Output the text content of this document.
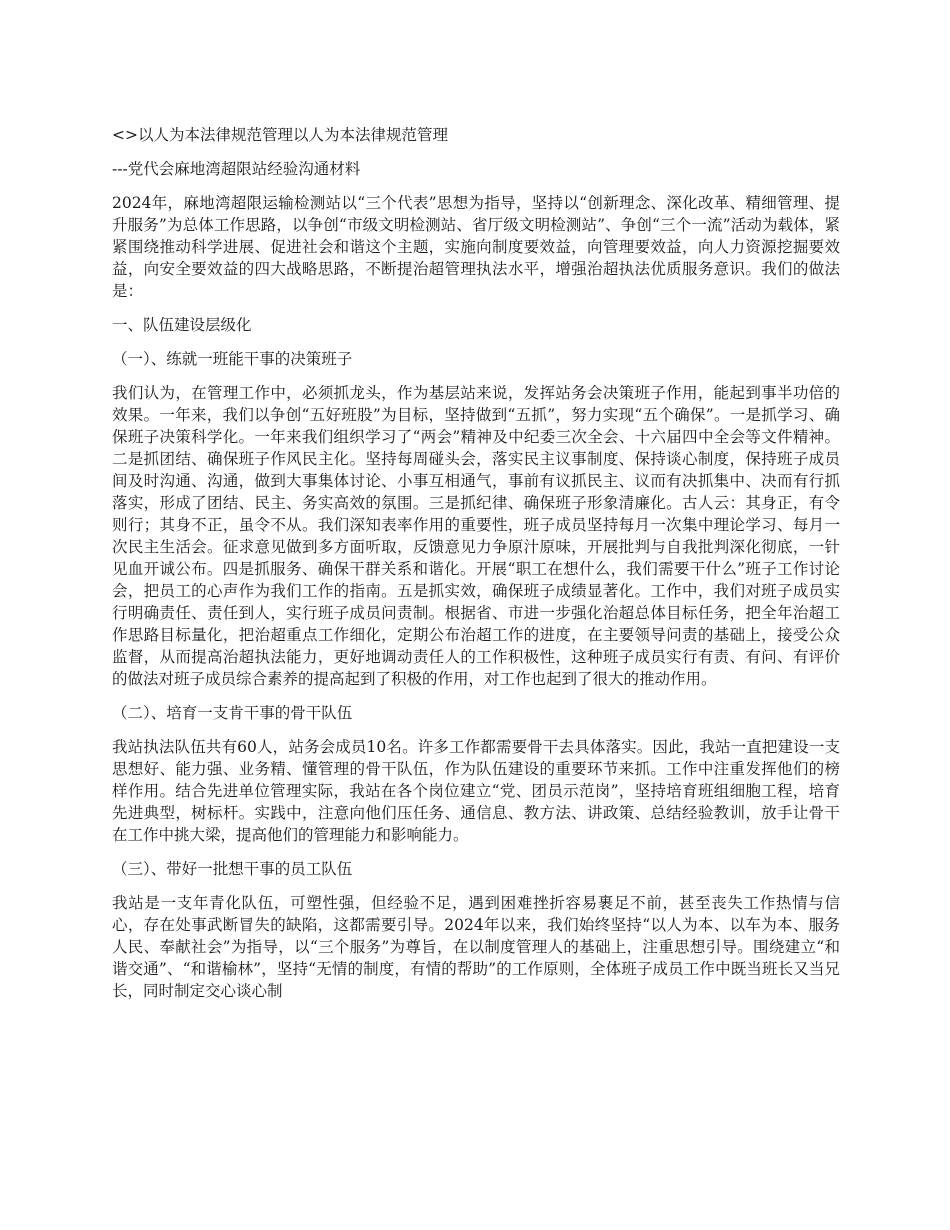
<>以人为本法律规范管理以人为本法律规范管理

---党代会麻地湾超限站经验沟通材料

2024年，麻地湾超限运输检测站以“三个代表”思想为指导，坚持以“创新理念、深化改革、精细管理、提升服务”为总体工作思路，以争创“市级文明检测站、省厅级文明检测站”、争创“三个一流”活动为载体，紧紧围绕推动科学进展、促进社会和谐这个主题，实施向制度要效益，向管理要效益，向人力资源挖掘要效益，向安全要效益的四大战略思路，不断提治超管理执法水平，增强治超执法优质服务意识。我们的做法是：

一、队伍建设层级化

（一）、练就一班能干事的决策班子

我们认为，在管理工作中，必须抓龙头，作为基层站来说，发挥站务会决策班子作用，能起到事半功倍的效果。一年来，我们以争创“五好班股”为目标，坚持做到“五抓”，努力实现“五个确保”。一是抓学习、确保班子决策科学化。一年来我们组织学习了“两会”精神及中纪委三次全会、十六届四中全会等文件精神。二是抓团结、确保班子作风民主化。坚持每周碰头会，落实民主议事制度、保持谈心制度，保持班子成员间及时沟通、沟通，做到大事集体讨论、小事互相通气，事前有议抓民主、议而有决抓集中、决而有行抓落实，形成了团结、民主、务实高效的氛围。三是抓纪律、确保班子形象清廉化。古人云：其身正，有令则行；其身不正，虽令不从。我们深知表率作用的重要性，班子成员坚持每月一次集中理论学习、每月一次民主生活会。征求意见做到多方面听取，反馈意见力争原汁原味，开展批判与自我批判深化彻底，一针见血开诚公布。四是抓服务、确保干群关系和谐化。开展“职工在想什么，我们需要干什么”班子工作讨论会，把员工的心声作为我们工作的指南。五是抓实效，确保班子成绩显著化。工作中，我们对班子成员实行明确责任、责任到人，实行班子成员问责制。根据省、市进一步强化治超总体目标任务，把全年治超工作思路目标量化，把治超重点工作细化，定期公布治超工作的进度，在主要领导问责的基础上，接受公众监督，从而提高治超执法能力，更好地调动责任人的工作积极性，这种班子成员实行有责、有问、有评价的做法对班子成员综合素养的提高起到了积极的作用，对工作也起到了很大的推动作用。

（二）、培育一支肯干事的骨干队伍

我站执法队伍共有60人，站务会成员10名。许多工作都需要骨干去具体落实。因此，我站一直把建设一支思想好、能力强、业务精、懂管理的骨干队伍，作为队伍建设的重要环节来抓。工作中注重发挥他们的榜样作用。结合先进单位管理实际，我站在各个岗位建立“党、团员示范岗”，坚持培育班组细胞工程，培育先进典型，树标杆。实践中，注意向他们压任务、通信息、教方法、讲政策、总结经验教训，放手让骨干在工作中挑大梁，提高他们的管理能力和影响能力。

（三）、带好一批想干事的员工队伍

我站是一支年青化队伍，可塑性强，但经验不足，遇到困难挫折容易裹足不前，甚至丧失工作热情与信心，存在处事武断冒失的缺陷，这都需要引导。2024年以来，我们始终坚持“以人为本、以车为本、服务人民、奉献社会”为指导，以“三个服务”为尊旨，在以制度管理人的基础上，注重思想引导。围绕建立“和谐交通”、“和谐榆林”，坚持“无情的制度，有情的帮助”的工作原则，全体班子成员工作中既当班长又当兄长，同时制定交心谈心制
